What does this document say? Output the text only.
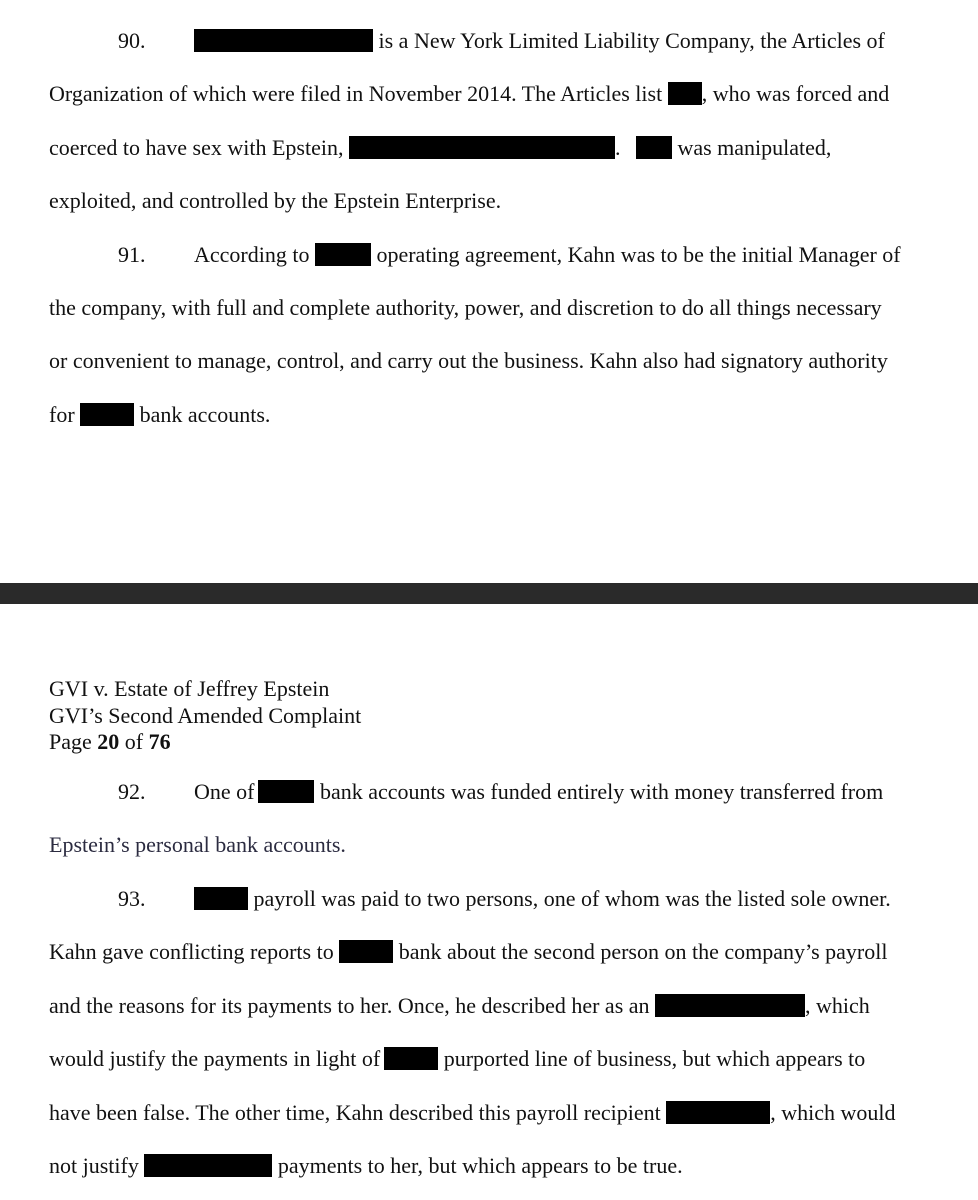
90.	is a New York Limited Liability Company, the Articles of
Organization of which were filed in November 2014. The Articles list , who was forced and
coerced to have sex with Epstein,	.	was manipulated,
exploited, and controlled by the Epstein Enterprise.
91. According to	operating agreement, Kahn was to be the initial Manager of
the company, with full and complete authority, power, and discretion to do all things necessary
or convenient to manage, control, and carry out the business. Kahn also had signatory authority
for	bank accounts.
GVI v. Estate of Jeffrey Epstein
GVI’s Second Amended Complaint
Page 20 of 76
92. One of	bank accounts was funded entirely with money transferred from
Epstein’s personal bank accounts.
93.	payroll was paid to two persons, one of whom was the listed sole owner.
Kahn gave conflicting reports to	bank about the second person on the company’s payroll
and the reasons for its payments to her. Once, he described her as an	, which
would justify the payments in light of	purported line of business, but which appears to
have been false. The other time, Kahn described this payroll recipient	, which would
not justify	payments to her, but which appears to be true.
